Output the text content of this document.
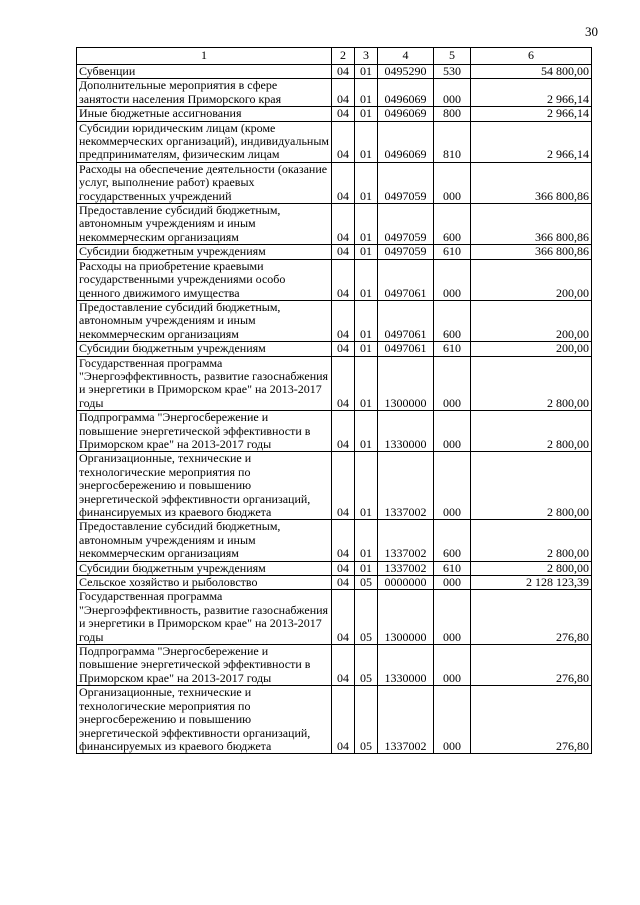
30
1	2	3	4	5	6
Субвенции	04	01	0495290	530	54 800,00
Дополнительные мероприятия в сфере занятости населения Приморского края	04	01	0496069	000	2 966,14
Иные бюджетные ассигнования	04	01	0496069	800	2 966,14
Субсидии юридическим лицам (кроме некоммерческих организаций), индивидуальным предпринимателям, физическим лицам	04	01	0496069	810	2 966,14
Расходы на обеспечение деятельности (оказание услуг, выполнение работ) краевых государственных учреждений	04	01	0497059	000	366 800,86
Предоставление субсидий бюджетным, автономным учреждениям и иным некоммерческим организациям	04	01	0497059	600	366 800,86
Субсидии бюджетным учреждениям	04	01	0497059	610	366 800,86
Расходы на приобретение краевыми государственными учреждениями особо ценного движимого имущества	04	01	0497061	000	200,00
Предоставление субсидий бюджетным, автономным учреждениям и иным некоммерческим организациям	04	01	0497061	600	200,00
Субсидии бюджетным учреждениям	04	01	0497061	610	200,00
Государственная программа "Энергоэффективность, развитие газоснабжения и энергетики в Приморском крае" на 2013-2017 годы	04	01	1300000	000	2 800,00
Подпрограмма "Энергосбережение и повышение энергетической эффективности в Приморском крае" на 2013-2017 годы	04	01	1330000	000	2 800,00
Организационные, технические и технологические мероприятия по энергосбережению и повышению энергетической эффективности организаций, финансируемых из краевого бюджета	04	01	1337002	000	2 800,00
Предоставление субсидий бюджетным, автономным учреждениям и иным некоммерческим организациям	04	01	1337002	600	2 800,00
Субсидии бюджетным учреждениям	04	01	1337002	610	2 800,00
Сельское хозяйство и рыболовство	04	05	0000000	000	2 128 123,39
Государственная программа "Энергоэффективность, развитие газоснабжения и энергетики в Приморском крае" на 2013-2017 годы	04	05	1300000	000	276,80
Подпрограмма "Энергосбережение и повышение энергетической эффективности в Приморском крае" на 2013-2017 годы	04	05	1330000	000	276,80
Организационные, технические и технологические мероприятия по энергосбережению и повышению энергетической эффективности организаций, финансируемых из краевого бюджета	04	05	1337002	000	276,80
